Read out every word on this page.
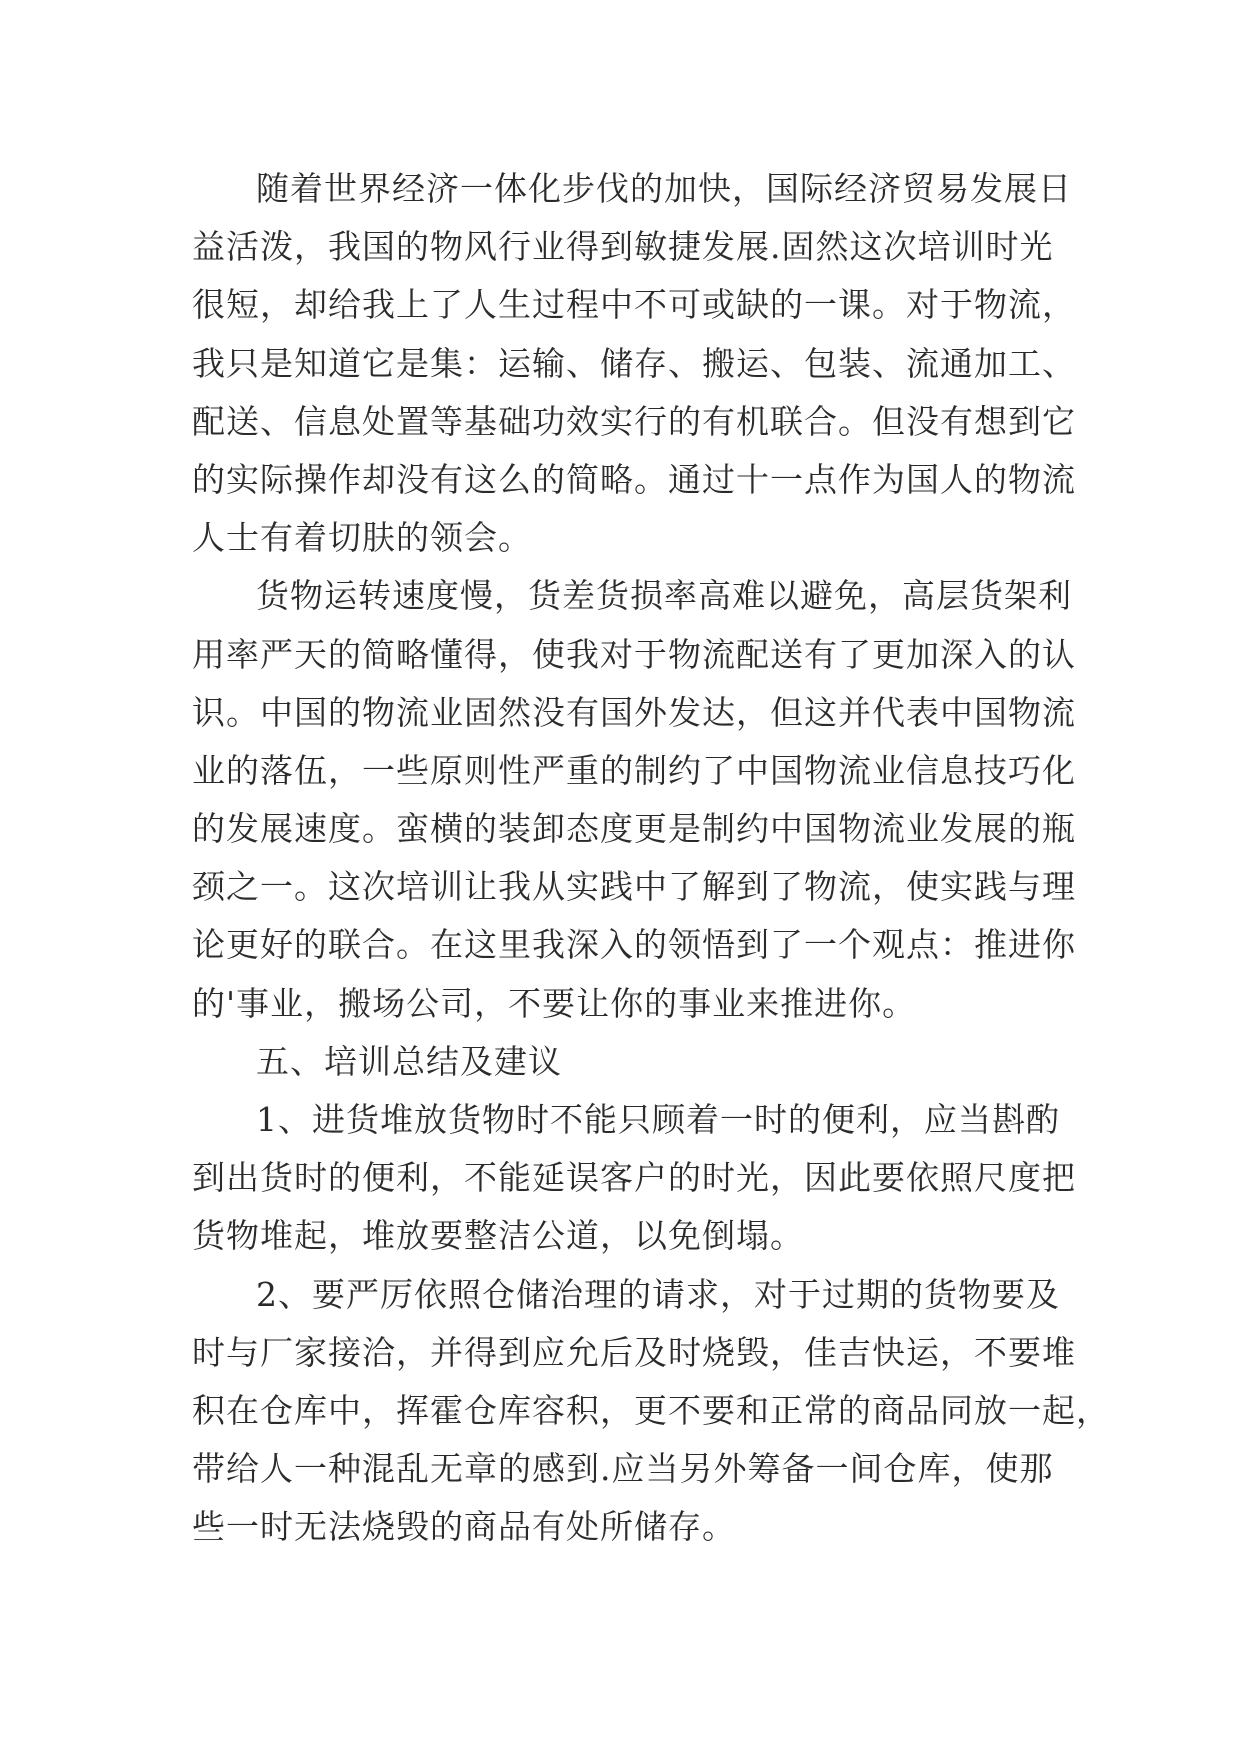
随着世界经济一体化步伐的加快，国际经济贸易发展日
益活泼，我国的物风行业得到敏捷发展.固然这次培训时光
很短，却给我上了人生过程中不可或缺的一课。对于物流，
我只是知道它是集：运输、储存、搬运、包装、流通加工、
配送、信息处置等基础功效实行的有机联合。但没有想到它
的实际操作却没有这么的简略。通过十一点作为国人的物流
人士有着切肤的领会。
货物运转速度慢，货差货损率高难以避免，高层货架利
用率严天的简略懂得，使我对于物流配送有了更加深入的认
识。中国的物流业固然没有国外发达，但这并代表中国物流
业的落伍，一些原则性严重的制约了中国物流业信息技巧化
的发展速度。蛮横的装卸态度更是制约中国物流业发展的瓶
颈之一。这次培训让我从实践中了解到了物流，使实践与理
论更好的联合。在这里我深入的领悟到了一个观点：推进你
的'事业，搬场公司，不要让你的事业来推进你。
五、培训总结及建议
1、进货堆放货物时不能只顾着一时的便利，应当斟酌
到出货时的便利，不能延误客户的时光，因此要依照尺度把
货物堆起，堆放要整洁公道，以免倒塌。
2、要严厉依照仓储治理的请求，对于过期的货物要及
时与厂家接洽，并得到应允后及时烧毁，佳吉快运，不要堆
积在仓库中，挥霍仓库容积，更不要和正常的商品同放一起，
带给人一种混乱无章的感到.应当另外筹备一间仓库，使那
些一时无法烧毁的商品有处所储存。
